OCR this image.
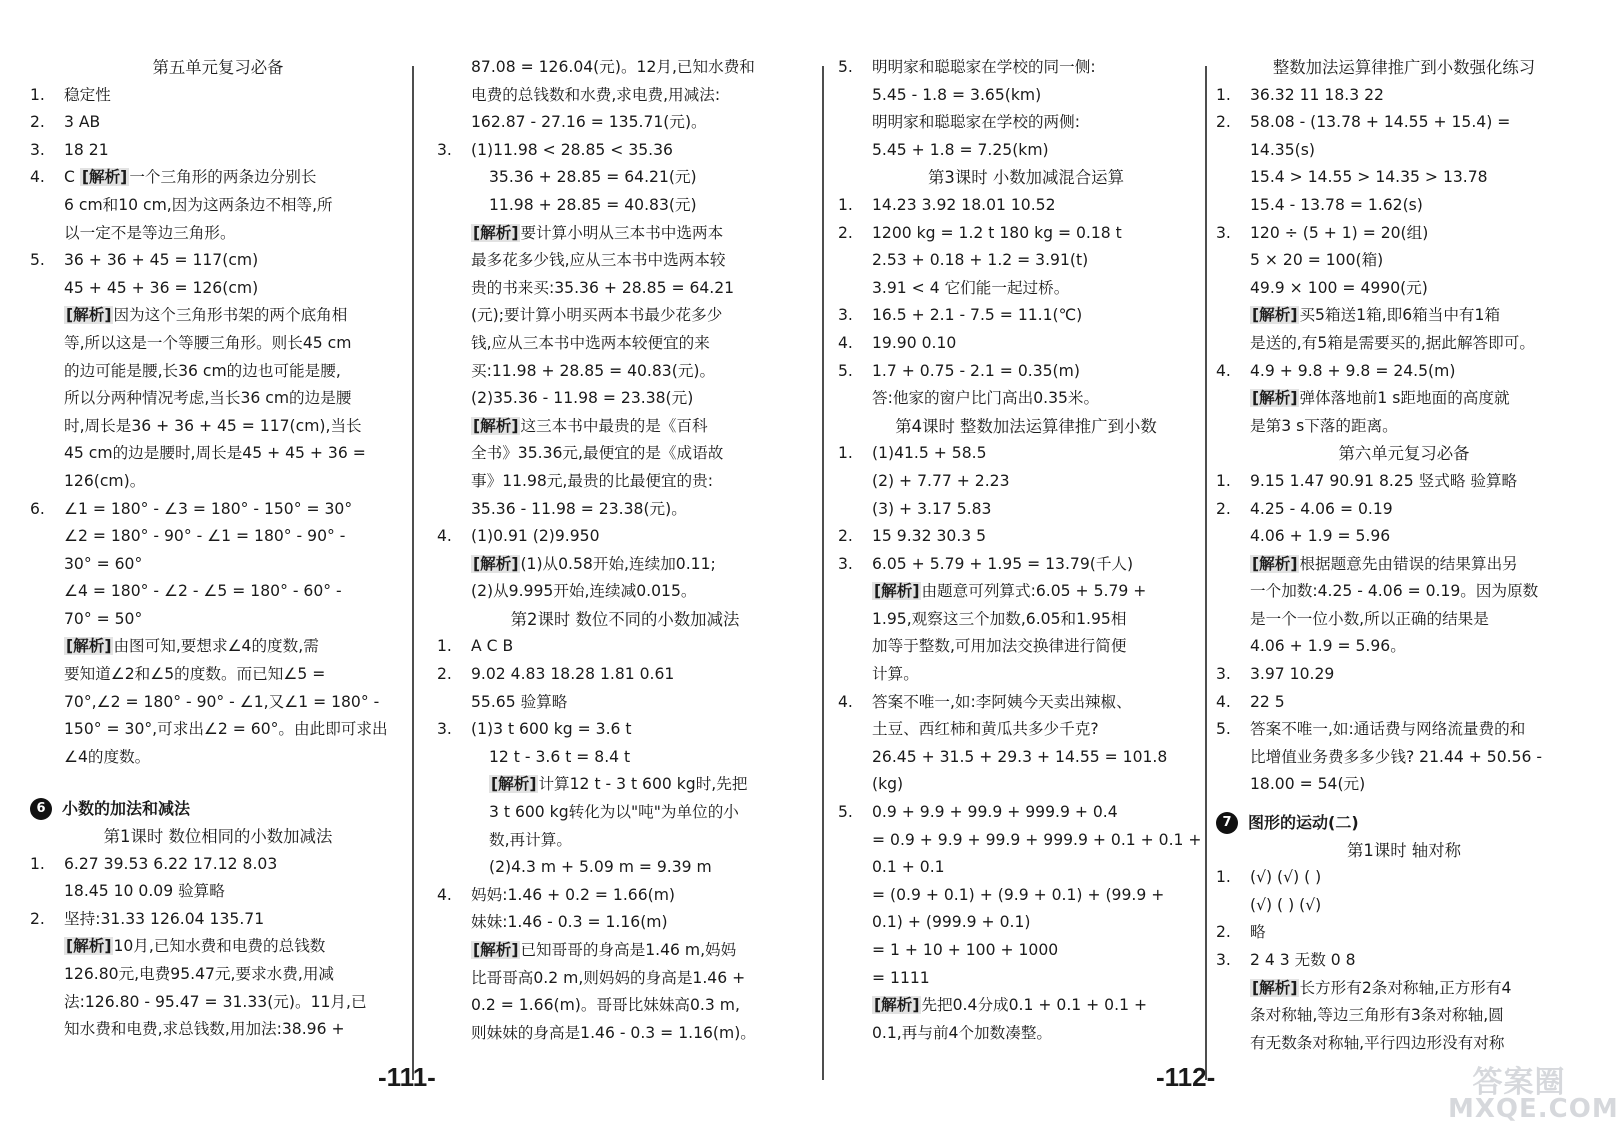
第五单元复习必备
1.	稳定性
2.	3 AB
3.	18 21
4.	C [解析] 一个三角形的两条边分别长
6 cm和10 cm,因为这两条边不相等,所
以一定不是等边三角形。
5.	36 + 36 + 45 = 117(cm)
45 + 45 + 36 = 126(cm)
[解析] 因为这个三角形书架的两个底角相
等,所以这是一个等腰三角形。则长45 cm
的边可能是腰,长36 cm的边也可能是腰,
所以分两种情况考虑,当长36 cm的边是腰
时,周长是36 + 36 + 45 = 117(cm),当长
45 cm的边是腰时,周长是45 + 45 + 36 =
126(cm)。
6.	∠1 = 180° - ∠3 = 180° - 150° = 30°
∠2 = 180° - 90° - ∠1 = 180° - 90° -
30° = 60°
∠4 = 180° - ∠2 - ∠5 = 180° - 60° -
70° = 50°
[解析] 由图可知,要想求∠4的度数,需
要知道∠2和∠5的度数。而已知∠5 =
70°,∠2 = 180° - 90° - ∠1,又∠1 = 180° -
150° = 30°,可求出∠2 = 60°。由此即可求出
∠4的度数。
6	小数的加法和减法
第1课时 数位相同的小数加减法
1.	6.27 39.53 6.22 17.12 8.03
18.45 10 0.09 验算略
2.	坚持:31.33 126.04 135.71
[解析] 10月,已知水费和电费的总钱数
126.80元,电费95.47元,要求水费,用减
法:126.80 - 95.47 = 31.33(元)。11月,已
知水费和电费,求总钱数,用加法:38.96 +
87.08 = 126.04(元)。12月,已知水费和
电费的总钱数和水费,求电费,用减法:
162.87 - 27.16 = 135.71(元)。
3.	(1)11.98 < 28.85 < 35.36
35.36 + 28.85 = 64.21(元)
11.98 + 28.85 = 40.83(元)
[解析] 要计算小明从三本书中选两本
最多花多少钱,应从三本书中选两本较
贵的书来买:35.36 + 28.85 = 64.21
(元);要计算小明买两本书最少花多少
钱,应从三本书中选两本较便宜的来
买:11.98 + 28.85 = 40.83(元)。
(2)35.36 - 11.98 = 23.38(元)
[解析] 这三本书中最贵的是《百科
全书》35.36元,最便宜的是《成语故
事》11.98元,最贵的比最便宜的贵:
35.36 - 11.98 = 23.38(元)。
4.	(1)0.91 (2)9.950
[解析] (1)从0.58开始,连续加0.11;
(2)从9.995开始,连续减0.015。
第2课时 数位不同的小数加减法
1.	A C B
2.	9.02 4.83 18.28 1.81 0.61
55.65 验算略
3.	(1)3 t 600 kg = 3.6 t
12 t - 3.6 t = 8.4 t
[解析] 计算12 t - 3 t 600 kg时,先把
3 t 600 kg转化为以"吨"为单位的小
数,再计算。
(2)4.3 m + 5.09 m = 9.39 m
4.	妈妈:1.46 + 0.2 = 1.66(m)
妹妹:1.46 - 0.3 = 1.16(m)
[解析] 已知哥哥的身高是1.46 m,妈妈
比哥哥高0.2 m,则妈妈的身高是1.46 +
0.2 = 1.66(m)。哥哥比妹妹高0.3 m,
则妹妹的身高是1.46 - 0.3 = 1.16(m)。
5.	明明家和聪聪家在学校的同一侧:
5.45 - 1.8 = 3.65(km)
明明家和聪聪家在学校的两侧:
5.45 + 1.8 = 7.25(km)
第3课时 小数加减混合运算
1.	14.23 3.92 18.01 10.52
2.	1200 kg = 1.2 t 180 kg = 0.18 t
2.53 + 0.18 + 1.2 = 3.91(t)
3.91 < 4 它们能一起过桥。
3.	16.5 + 2.1 - 7.5 = 11.1(℃)
4.	19.90 0.10
5.	1.7 + 0.75 - 2.1 = 0.35(m)
答:他家的窗户比门高出0.35米。
第4课时 整数加法运算律推广到小数
1.	(1)41.5 + 58.5
(2) + 7.77 + 2.23
(3) + 3.17 5.83
2.	15 9.32 30.3 5
3.	6.05 + 5.79 + 1.95 = 13.79(千人)
[解析] 由题意可列算式:6.05 + 5.79 +
1.95,观察这三个加数,6.05和1.95相
加等于整数,可用加法交换律进行简便
计算。
4.	答案不唯一,如:李阿姨今天卖出辣椒、
土豆、西红柿和黄瓜共多少千克?
26.45 + 31.5 + 29.3 + 14.55 = 101.8
(kg)
5.	0.9 + 9.9 + 99.9 + 999.9 + 0.4
= 0.9 + 9.9 + 99.9 + 999.9 + 0.1 + 0.1 +
0.1 + 0.1
= (0.9 + 0.1) + (9.9 + 0.1) + (99.9 +
0.1) + (999.9 + 0.1)
= 1 + 10 + 100 + 1000
= 1111
[解析] 先把0.4分成0.1 + 0.1 + 0.1 +
0.1,再与前4个加数凑整。
整数加法运算律推广到小数强化练习
1.	36.32 11 18.3 22
2.	58.08 - (13.78 + 14.55 + 15.4) =
14.35(s)
15.4 > 14.55 > 14.35 > 13.78
15.4 - 13.78 = 1.62(s)
3.	120 ÷ (5 + 1) = 20(组)
5 × 20 = 100(箱)
49.9 × 100 = 4990(元)
[解析] 买5箱送1箱,即6箱当中有1箱
是送的,有5箱是需要买的,据此解答即可。
4.	4.9 + 9.8 + 9.8 = 24.5(m)
[解析] 弹体落地前1 s距地面的高度就
是第3 s下落的距离。
第六单元复习必备
1.	9.15 1.47 90.91 8.25 竖式略 验算略
2.	4.25 - 4.06 = 0.19
4.06 + 1.9 = 5.96
[解析] 根据题意先由错误的结果算出另
一个加数:4.25 - 4.06 = 0.19。因为原数
是一个一位小数,所以正确的结果是
4.06 + 1.9 = 5.96。
3.	3.97 10.29
4.	22 5
5.	答案不唯一,如:通话费与网络流量费的和
比增值业务费多多少钱? 21.44 + 50.56 -
18.00 = 54(元)
7	图形的运动(二)
第1课时 轴对称
1.	(√) (√) ( )
(√) ( ) (√)
2.	略
3.	2 4 3 无数 0 8
[解析] 长方形有2条对称轴,正方形有4
条对称轴,等边三角形有3条对称轴,圆
有无数条对称轴,平行四边形没有对称
-111-	-112-	答案圈
MXQE.COM
